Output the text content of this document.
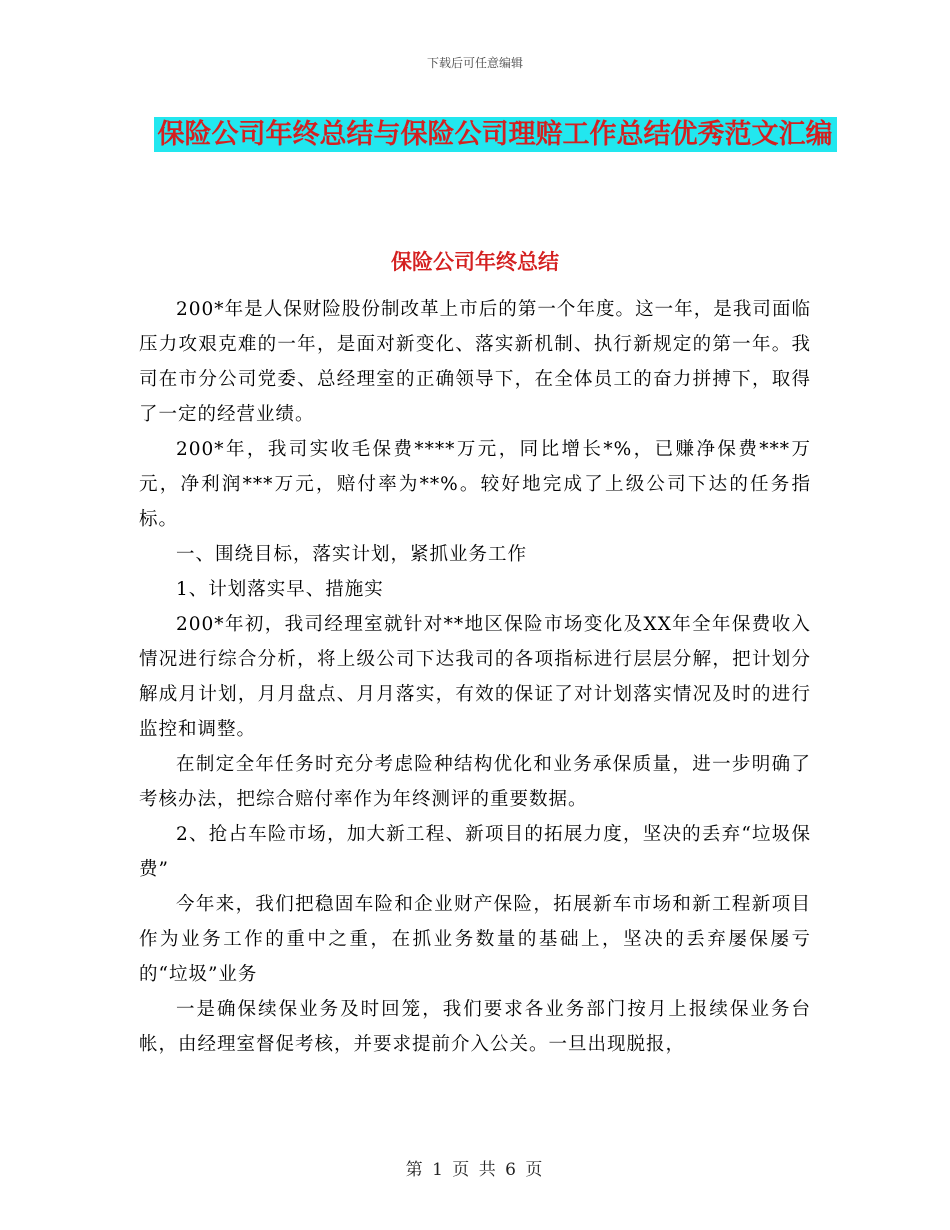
下载后可任意编辑
保险公司年终总结与保险公司理赔工作总结优秀范文汇编
保险公司年终总结

200*年是人保财险股份制改革上市后的第一个年度。这一年，是我司面临压力攻艰克难的一年，是面对新变化、落实新机制、执行新规定的第一年。我司在市分公司党委、总经理室的正确领导下，在全体员工的奋力拼搏下，取得了一定的经营业绩。

200*年，我司实收毛保费****万元，同比增长*%，已赚净保费***万元，净利润***万元，赔付率为**%。较好地完成了上级公司下达的任务指标。

一、围绕目标，落实计划，紧抓业务工作

1、计划落实早、措施实

200*年初，我司经理室就针对**地区保险市场变化及XX年全年保费收入情况进行综合分析，将上级公司下达我司的各项指标进行层层分解，把计划分解成月计划，月月盘点、月月落实，有效的保证了对计划落实情况及时的进行监控和调整。

在制定全年任务时充分考虑险种结构优化和业务承保质量，进一步明确了考核办法，把综合赔付率作为年终测评的重要数据。

2、抢占车险市场，加大新工程、新项目的拓展力度，坚决的丢弃“垃圾保费”

今年来，我们把稳固车险和企业财产保险，拓展新车市场和新工程新项目作为业务工作的重中之重，在抓业务数量的基础上，坚决的丢弃屡保屡亏的“垃圾”业务

一是确保续保业务及时回笼，我们要求各业务部门按月上报续保业务台帐，由经理室督促考核，并要求提前介入公关。一旦出现脱报，

第 1 页 共 6 页
